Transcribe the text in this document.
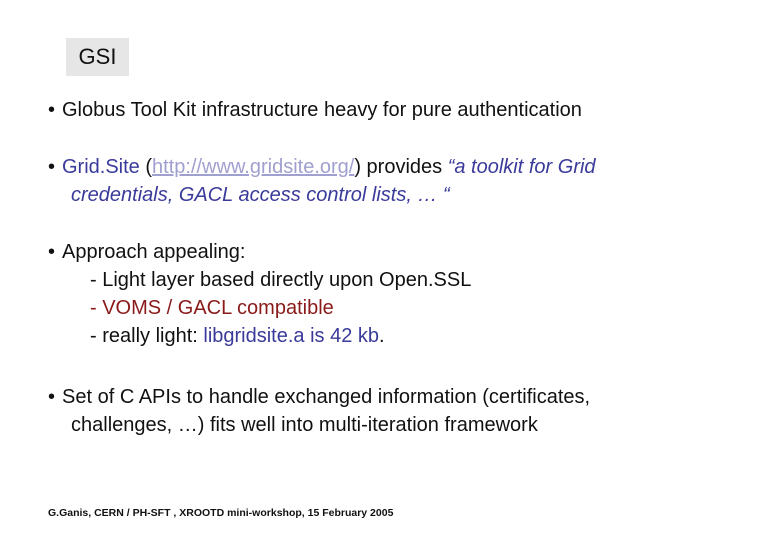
GSI
• Globus Tool Kit infrastructure heavy for pure authentication
• Grid.Site (http://www.gridsite.org/) provides “a toolkit for Grid
credentials, GACL access control lists, … “
• Approach appealing:
- Light layer based directly upon Open.SSL
- VOMS / GACL compatible
- really light: libgridsite.a is 42 kb.
• Set of C APIs to handle exchanged information (certificates,
challenges, …) fits well into multi-iteration framework
G.Ganis, CERN / PH-SFT , XROOTD mini-workshop, 15 February 2005
